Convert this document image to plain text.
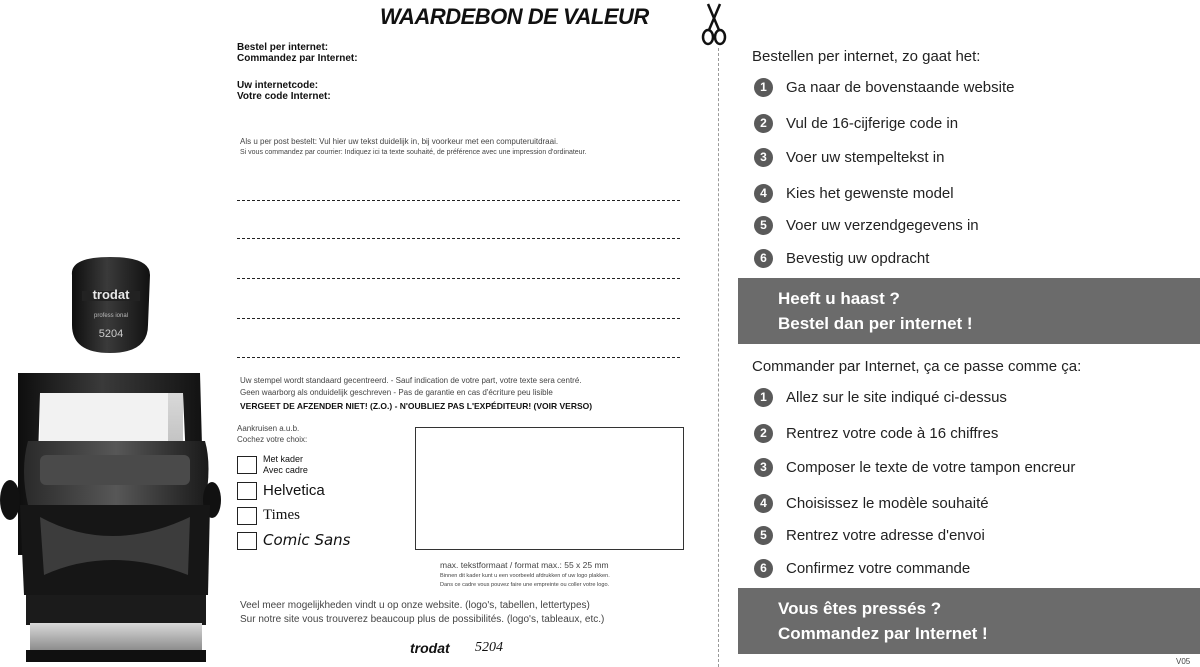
trodat
profess ional
5204
WAARDEBON DE VALEUR
Bestel per internet:
Commandez par Internet:
Uw internetcode:
Votre code Internet:
Als u per post bestelt: Vul hier uw tekst duidelijk in, bij voorkeur met een computeruitdraai.
Si vous commandez par courrier: Indiquez ici ta texte souhaité, de préférence avec une impression d'ordinateur.
Uw stempel wordt standaard gecentreerd. - Sauf indication de votre part, votre texte sera centré.
Geen waarborg als onduidelijk geschreven - Pas de garantie en cas d'écriture peu lisible
VERGEET DE AFZENDER NIET! (Z.O.) - N'OUBLIEZ PAS L'EXPÉDITEUR! (VOIR VERSO)
Aankruisen a.u.b.
Cochez votre choix:
Met kader
Avec cadre
Helvetica
Times
Comic Sans
max. tekstformaat / format max.: 55 x 25 mm
Binnen dit kader kunt u een voorbeeld afdrukken of uw logo plakken.
Dans ce cadre vous pouvez faire une empreinte ou coller votre logo.
Veel meer mogelijkheden vindt u op onze website. (logo's, tabellen, lettertypes)
Sur notre site vous trouverez beaucoup plus de possibilités. (logo's, tableaux, etc.)
trodat 5204
Bestellen per internet, zo gaat het:
1	Ga naar de bovenstaande website
2	Vul de 16-cijferige code in
3	Voer uw stempeltekst in
4	Kies het gewenste model
5	Voer uw verzendgegevens in
6	Bevestig uw opdracht
Heeft u haast ?
Bestel dan per internet !
Commander par Internet, ça ce passe comme ça:
1	Allez sur le site indiqué ci-dessus
2	Rentrez votre code à 16 chiffres
3	Composer le texte de votre tampon encreur
4	Choisissez le modèle souhaité
5	Rentrez votre adresse d'envoi
6	Confirmez votre commande
Vous êtes pressés ?
Commandez par Internet !
V05
